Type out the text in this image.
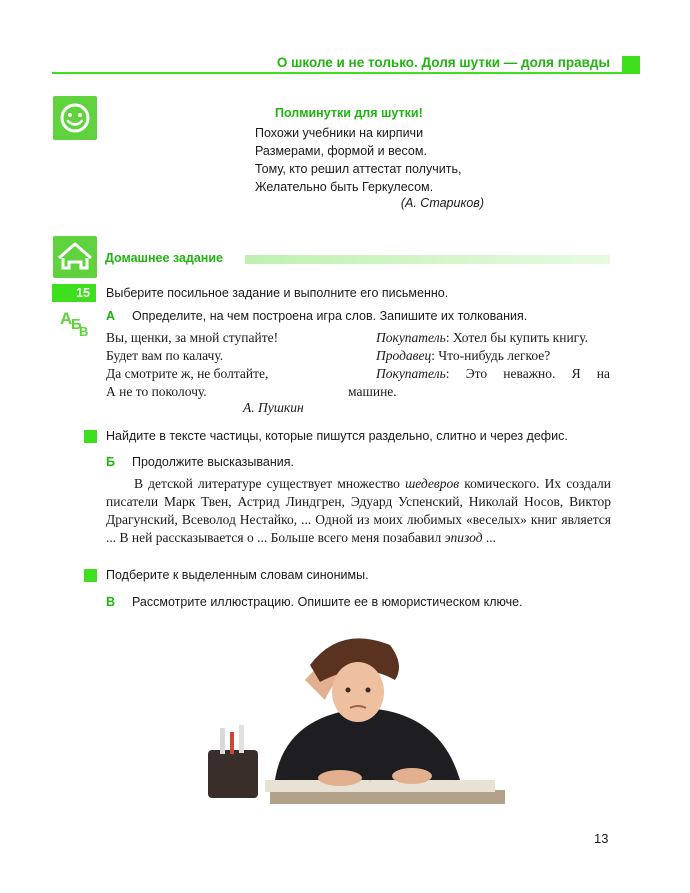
О школе и не только. Доля шутки — доля правды
Полминутки для шутки!
Похожи учебники на кирпичи
Размерами, формой и весом.
Тому, кто решил аттестат получить,
Желательно быть Геркулесом.
(А. Стариков)
Домашнее задание
15	Выберите посильное задание и выполните его письменно.
А
Б
В
А Определите, на чем построена игра слов. Запишите их толкования.
Вы, щенки, за мной ступайте!
Будет вам по калачу.
Да смотрите ж, не болтайте,
А не то поколочу.
А. Пушкин

Покупатель: Хотел бы купить книгу.

Продавец: Что-нибудь легкое?

Покупатель: Это неважно. Я на машине.

Найдите в тексте частицы, которые пишутся раздельно, слитно и через дефис.
Б Продолжите высказывания.
В детской литературе существует множество шедевров комического. Их создали писатели Марк Твен, Астрид Линдгрен, Эдуард Успенский, Николай Носов, Виктор Драгунский, Всеволод Нестайко, ... Одной из моих любимых «веселых» книг является ... В ней рассказывается о ... Больше всего меня позабавил эпизод ...
Подберите к выделенным словам синонимы.
В Рассмотрите иллюстрацию. Опишите ее в юмористическом ключе.
13
